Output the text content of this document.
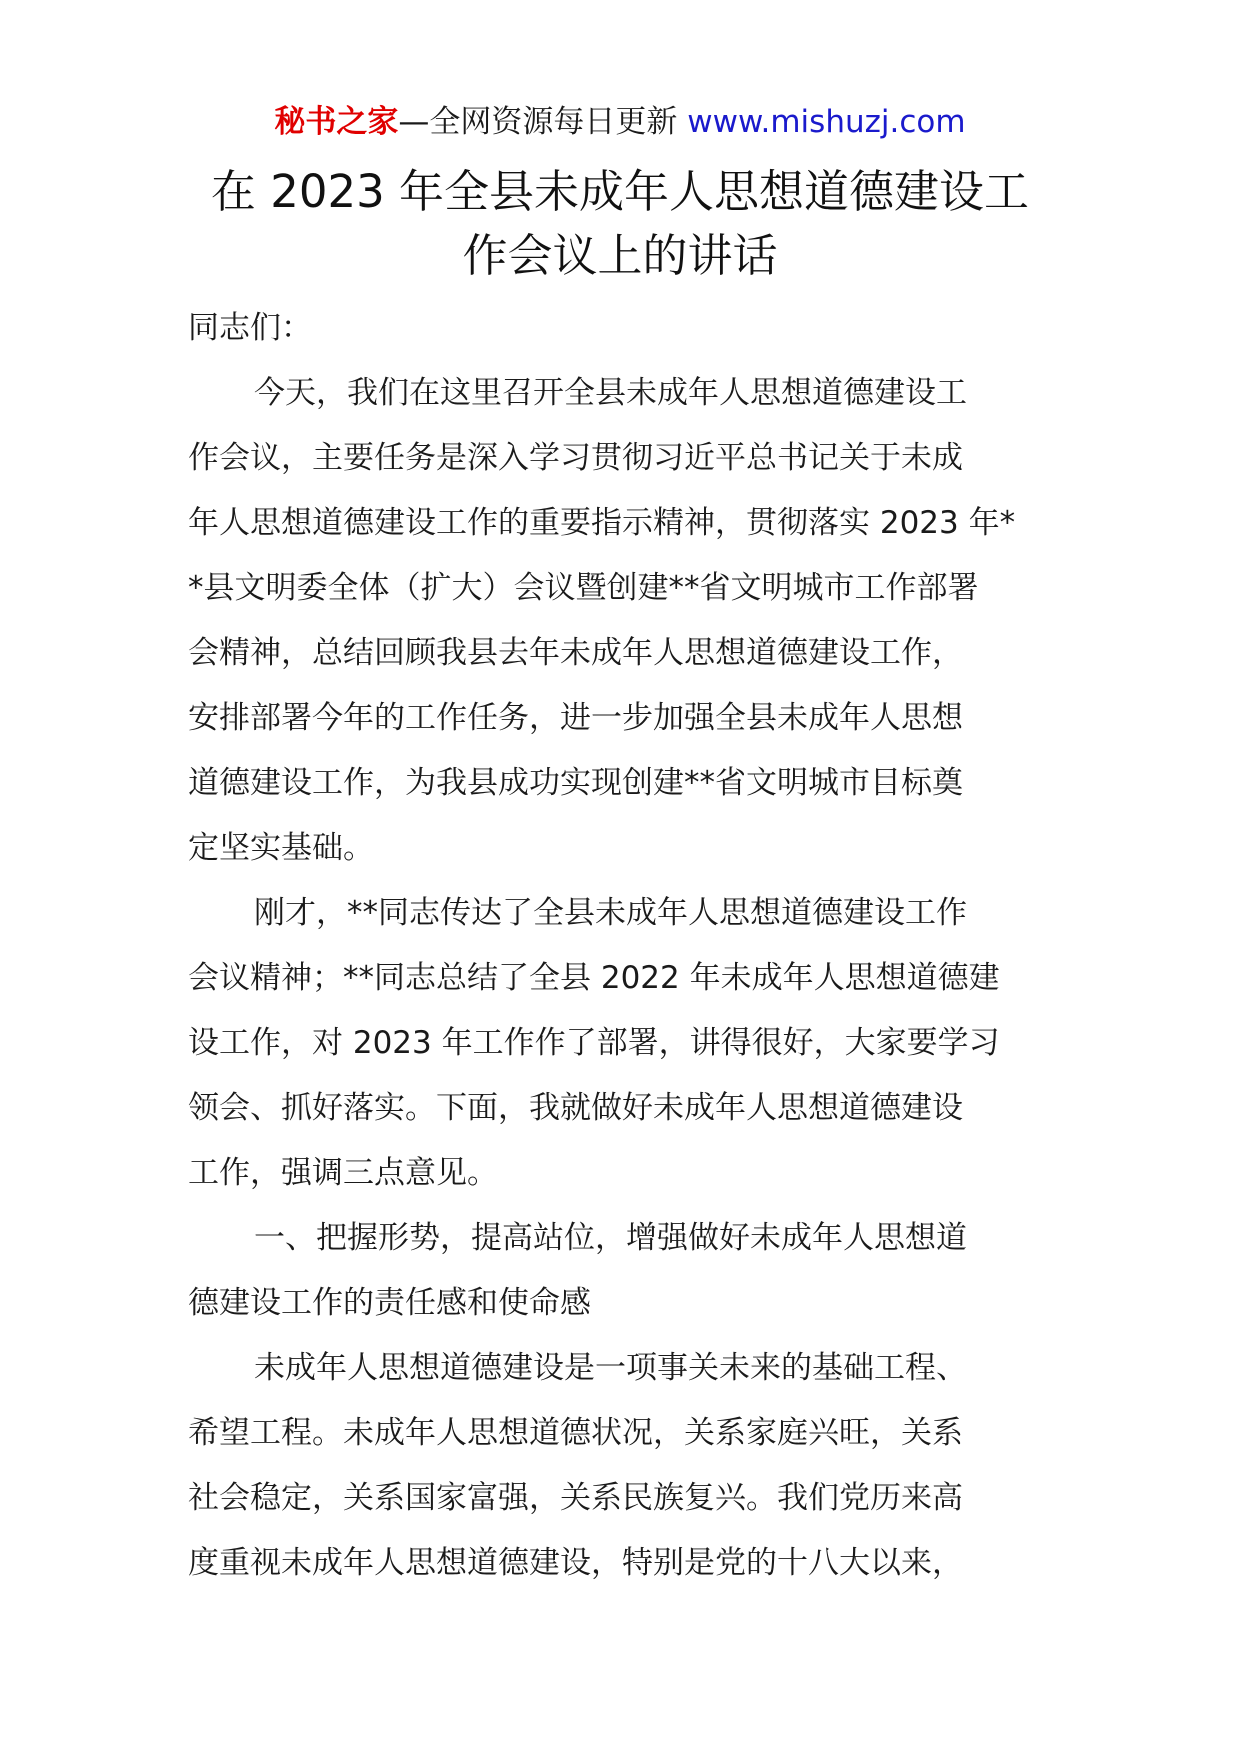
秘书之家—全网资源每日更新 www.mishuzj.com
在 2023 年全县未成年人思想道德建设工
作会议上的讲话
同志们：
今天，我们在这里召开全县未成年人思想道德建设工
作会议，主要任务是深入学习贯彻习近平总书记关于未成
年人思想道德建设工作的重要指示精神，贯彻落实 2023 年*
*县文明委全体（扩大）会议暨创建**省文明城市工作部署
会精神，总结回顾我县去年未成年人思想道德建设工作，
安排部署今年的工作任务，进一步加强全县未成年人思想
道德建设工作，为我县成功实现创建**省文明城市目标奠
定坚实基础。
刚才，**同志传达了全县未成年人思想道德建设工作
会议精神；**同志总结了全县 2022 年未成年人思想道德建
设工作，对 2023 年工作作了部署，讲得很好，大家要学习
领会、抓好落实。下面，我就做好未成年人思想道德建设
工作，强调三点意见。
一、把握形势，提高站位，增强做好未成年人思想道
德建设工作的责任感和使命感
未成年人思想道德建设是一项事关未来的基础工程、
希望工程。未成年人思想道德状况，关系家庭兴旺，关系
社会稳定，关系国家富强，关系民族复兴。我们党历来高
度重视未成年人思想道德建设，特别是党的十八大以来，
